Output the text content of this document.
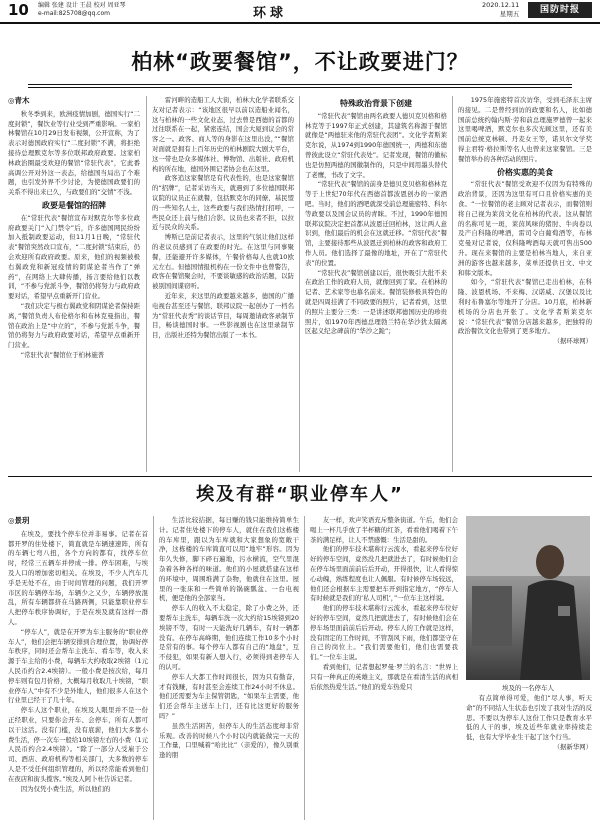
10 编辑 张建 设计 王晨 校对 周亚琴
e-mail:825708@qq.com	环球
2020.12.11
星期五	国防时报
柏林“政要餐馆”，不让政要进门？
◎青木

秋冬季到来，欧洲疫情加剧，德国实行“二度封锁”，餐饮业等行业受到严重影响。一家柏林餐馆在10月29日发布视频，公开宣称，为了表示对德国政府实行“二度封锁”不满，将拒绝接待总理默克尔等多位联邦政府政要。这家柏林政治圈最受欢迎的餐馆“常驻代表”，它此番高调公开对外这一表态，给德国当局出了个难题，也引发外界不少讨论，为使德国政要们的关系不得出来已久，与政要们的“交情”不浅。

政要是餐馆的招牌

在“常驻代表”餐馆宣布对默克尔等多位政府政要关门“入门禁令”后，许多德国网民纷纷加入抵制政要运动，但11月1日晚，“常驻代表”餐馆突然改口宣布，“二度封锁”结束后，仍会欢迎所有政府政要。原来，他们的视频被极右翼政党和新冠疫情的阴谋论者当作了“弹药”，在网络上大肆传播，扬言要给他们以教训，“不参与党派斗争，餐馆仍将努力与政府政要对话，希望早点重新开门营业。

“我们决定与极右翼政党和阴谋论者保持距离，”餐馆负责人布伦格尔和布林克曼指出，餐馆在政治上是“中立的”，不参与党派斗争，餐馆仍将努力与政府政要对话，希望早点重新开门营业。

“常驻代表”餐馆位于柏林施普

雷河畔的造船工人大街，柏林大化学者联系交友对记者表示：“该地区很早以前以造船业闻名，这与柏林的一些文化业态，过去曾是西德的首都的过往联系在一起，紧密连结，国会大厦到议会的常客之一。政客、商人等的身影在这里出没，”“餐馆对面就是拥有上百年历史的柏林剧院大剧大平台，这一带也是众多媒体社、博物馆、出版社、政府机构的所在地，德国外围记者协会也在这里。

政客追这家餐馆是有代表性的，也是这家餐馆的“招牌”，记者采访当天，就遇到了多位德国联邦议院的议员正在就餐，包括默克尔的同僚、基民盟的一些知名人士，这些政要与我们热情打招呼，一些民众还上前与他们合影。议员也来者不拒，以拉近与民众的关系。

博斯已是前记者表示，这里的气氛让他们这样的老议员感到了在政要的时光。在这里与同事聚餐，还能避开许多媒体，午餐价格每人也就10欧元左右。但德国情报机构在一份文件中也曾警告，政客在餐馆聚会时，不要谈敏感的政治话题，以防被别国间谍窃听。

近年来，来这里的政要越来越多，德国的广播电视台甚至还与餐馆、联邦议院一起创办了一档名为“常驻代表秀”的谈话节目，每周邀请政客录制节目，畅谈德国时事。一些影视剧也在这里录制节目，出版社还特为餐馆出版了一本书。

特殊政治背景下创建

“常驻代表”餐馆由两名政要人德贝克贝格和格林克等于1997年正式创建，其建筑名称源于餐馆就像是“两德驻来他的常驻代表团”。文化学者斯莱克尔说，从1974到1990年德国统一，两德和东德曾彼此设立“常驻代表处”。记者发现，餐馆的徽标也是仿照两德的国徽制作的，只是中间用墨头替代了老鹰，书改了文字。

“常驻代表”餐馆的前身是德贝克贝格和格林克等于上世纪70年代在西德首都波恩创办的一家酒吧。当时，他们的酒吧就深受前总理施密特、科尔等政要以及国会议员的青睐。不过，1990年德国联邦议院决定把首都从波恩迁回柏林，这让两人意识到，他们最后的机会在这就迁移。“常驻代表”餐馆，主要接待那些从波恩迁到柏林的政客和政府工作人员。他们选择了最像的地址，开在了“常驻代表”的位置。

“常驻代表”餐馆创建以后，很快吸引大批不来在政治工作的政府人员，就像回到了家。在柏林的记者、艺术家等也慕名前来。餐馆装修极具特色的就是四周挂满了不同政要的照片，记者看到，这里的照片主要分三类：一是讲述联邦德国历史的珍贵照片，如1970年西德总理勃兰特在华沙犹太隔离区起义纪念碑前的“华沙之跪”；

1975年施密特首次访华，受到毛泽东主席的接见。二是曾经到访的政要和名人，比如德国前总统约翰内斯·劳和前总理施罗德曾一起来这里喝啤酒，默克尔也多次光顾这里，还有美国前总统克林顿、丹麦女王等，诺贝尔文学奖得主君特·格拉斯等名人也曾来这家餐馆。三是餐馆举办的各种活动的照片。

价格实惠的美食

“常驻代表”餐馆受欢迎不仅因为有特殊的政治背景，还因为这里有可口且价格实惠的美食。“一位餐馆的老主顾对记者表示，而餐馆则将自己视为莱茵文化在柏林的代表。这从餐馆的名称可见一斑，莱茵风味的猪肘、牛肉卷以及产自科隆的啤酒，雷司令白葡萄酒等，布林克曼对记者说，仅科隆啤酒每天就可售出500升。现在来餐馆的主要是柏林当地人，来自亚洲的游客也越来越多，菜单还提供日文、中文和韩文版本。

如今，“常驻代表”餐馆已走出柏林，在科隆、波恩机场、不来梅、汉诺威、汉堡以及比利时布鲁塞尔等地开了分店。10月底，柏林新机场的分店也开张了。文化学者斯莱克尔说：“常驻代表”餐馆分店越来越多，把独特的政治餐饮文化也带到了更多地方。

（据环球网）
埃及有群“职业停车人”
◎景玥

在埃及，要找个停车位并非易事。记者在首都开罗的住处楼下，简直就是车辆速速阵，所有的车辆七弯八扭，各个方向的都有，找停车位时，经常三五辆车并停成一排。停车困难，与埃及人口的增加密切相关。在埃及，不少人汽车几乎是无处不在，由于时间管理的问题，我们开罗市区的车辆停车场，车辆少之又少，车辆停放混乱，所有车辆都挤在马路两侧，只能靠职业停车人把停车秩序协调好，于是在埃及就有这样一群人。

“停车人”，就是在开罗为车主服务的“职业停车人”，他们会把车辆安排到合理位置，协调好停车秩序，同时还会帮车主洗车、看车等，收入来源于车主给的小费，每辆车大约收取2埃镑（1元人民币约合2.4埃镑）。一般小费是按次给，每月停车则有包月价格，大概每月收取几十埃镑，“职业停车人”中有不少是外地人，他们很多人在这个行业里已经干了几十年。

停车人这个职业，在埃及人眼里并不是一份正经职业，只要你会开车、会停车，所有人都可以干这活。没有门槛，没有底薪，他们大多靠小费生活，停一次车一般给10埃镑左右的小费（1元人民币约合2.4埃镑）。“除了一部分人受雇于公司、酒店、政府机构等相关部门，大多数的停车人是不受任何组织管理的，所以经常能看到他们在夜店和街头揽客。”埃及人阿卜杜告诉记者。

因为仅凭小费生活，所以他们的

生活比较拮据，每日赚的钱只能维持简单生计。记者住处楼下的停车人，就住在我们这栋楼的车库里，跟以为车库就和大家想象的宽敞干净，这栋楼的车库简直可以用“地牢”形容。因为年久失修，脚下碎石遍地，污水横流，空气里混杂着各种各样的味道。他们的小屋就搭建在这样的环境中，周围堆满了杂物，他就住在这里。屋里的一张床和一些简单的锅碗瓢盆、一台电视机，便是他的全部家当。

停车人的收入不太稳定，除了小费之外，还要帮车主洗车，每辆车洗一次大约给15埃镑到20埃镑不等，有时一天能洗好几辆车，有时一辆都没有。在停车高峰期，他们连续工作10多个小时是常有的事。每个停车人都有自己的“地盘”，互不侵犯，如果有新人想入行，必须得到老停车人的认可。

停车人大都工作时间很长，因为只有勤奋，才有钱赚，有时甚至会连续工作24小时不休息。他们还需要为车主保管钥匙，“如果车主需要，他们还会帮车主送车上门，还有比这更好的服务吗？”

虽然生活困苦，但停车人的生活态度却非常乐观。改善的时候八个小时以内就能做完一天的工作量，口里喊着“哈比比”（亲爱的），像久别重逢的朋

友一样，欢声笑语充斥整条街道。午后，他们会喝上一杯几乎放了半杯糖的红茶，看看他们喝着下午茶的满足样，让人不禁感慨：生活是甜的。

他们的停车技术堪称行云流水，看起来停车位好好的停车空间，竟然没几把就进去了，有时候他们会在停车场里面前前后后开动，开得很快，让人看得惊心动魄，熟练程度也让人佩服。有时候停车场较远，他们还会根据车主需要把车开到指定地方，“停车人有时候就是我们的‘私人司机’，”一位车主这样说。

他们的停车技术堪称行云流水，看起来停车位好好的停车空间，竟然几把就进去了，有时候他们会在停车场里面前前后后开动。停车人的工作就是这样，没有固定的工作时间，不管刮风下雨，他们都坚守在自己的岗位上。“我们需要他们，他们也需要我们。”一位车主说。

看到他们，记者想起罗曼·罗兰的名言：“世界上只有一种真正的英雄主义，那就是在看清生活的真相后依然热爱生活。”他们的爱车热爱只	埃及的一名停车人

有点简单得可爱，他们“尽人事，听天命”的不同结人生状态也引发了我对生活的反思。不要以为停车人这份工作只是教育水平低的人干的事，埃及近些年就业率持续走低，也有大学毕业生干起了这个行当。

（据新华网）
